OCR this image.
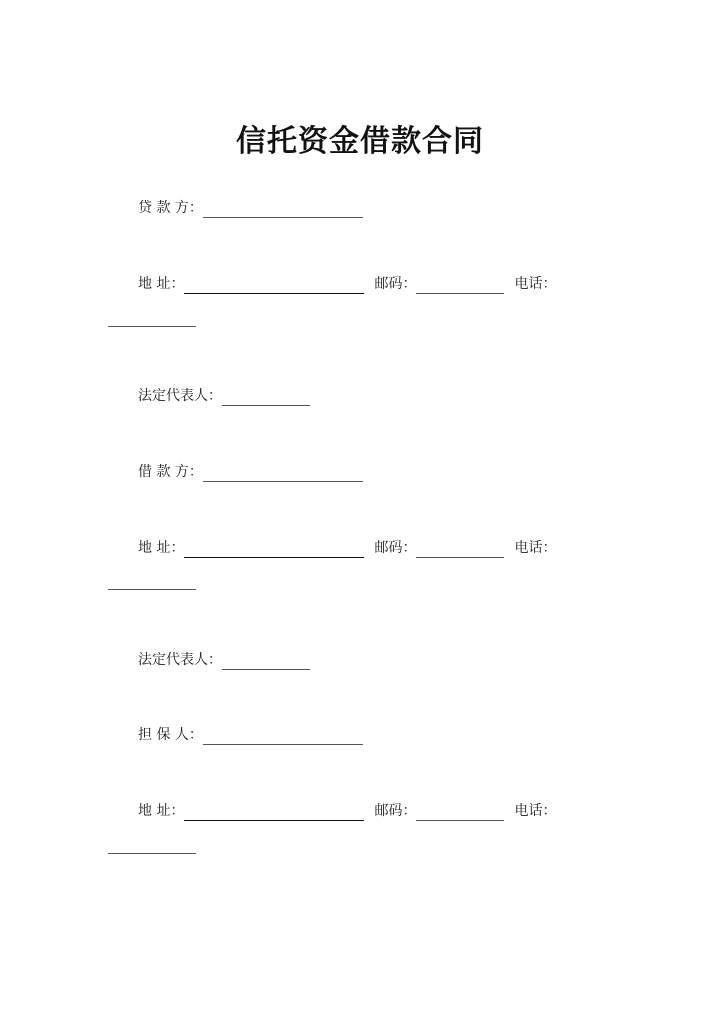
信托资金借款合同
贷 款 方：
地 址：	邮码：	电话：
法定代表人：
借 款 方：
地 址：	邮码：	电话：
法定代表人：
担 保 人：
地 址：	邮码：	电话：
